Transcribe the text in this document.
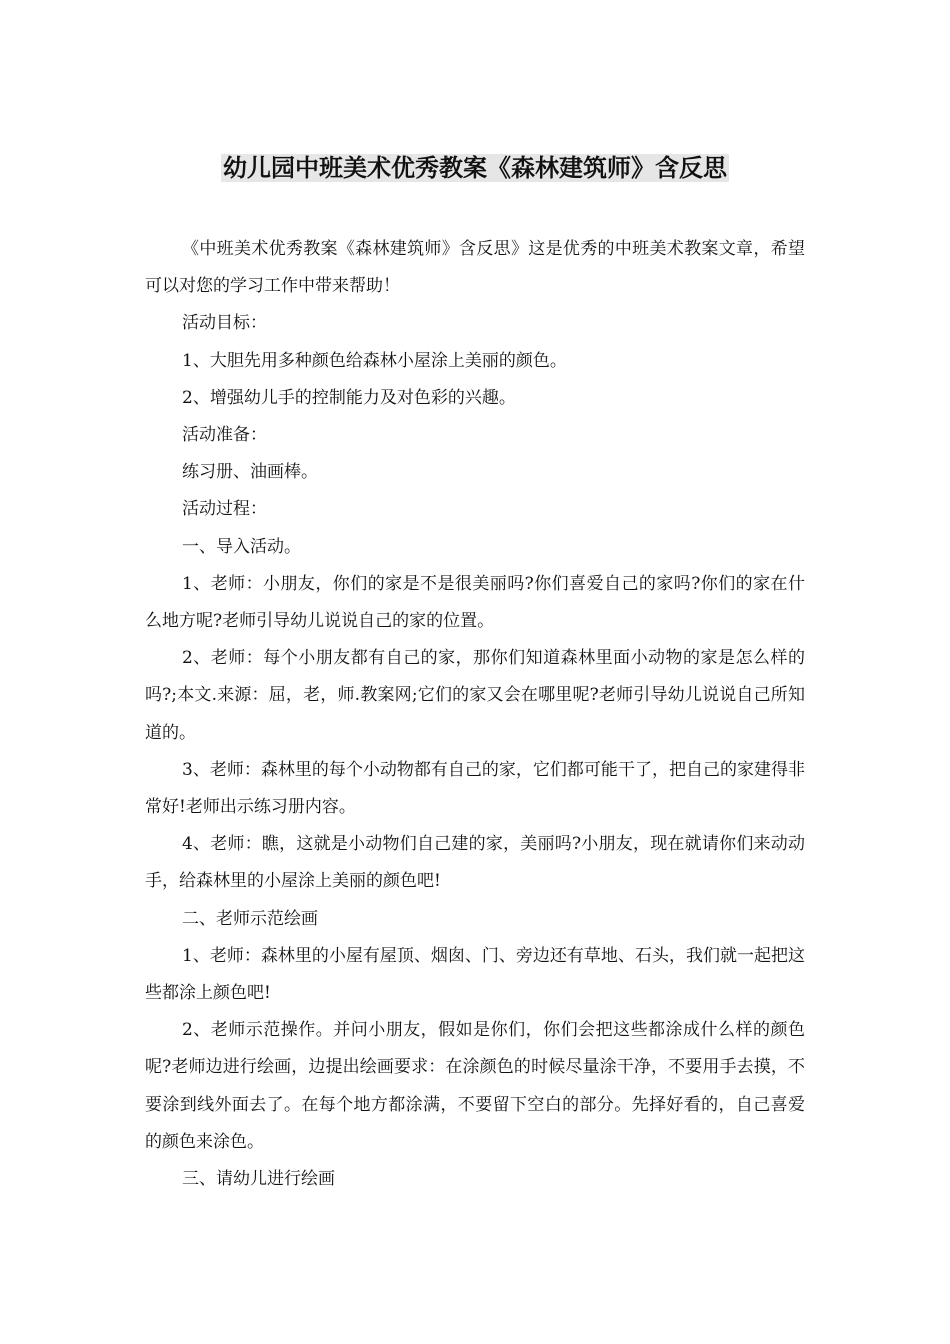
幼儿园中班美术优秀教案《森林建筑师》含反思

《中班美术优秀教案《森林建筑师》含反思》这是优秀的中班美术教案文章，希望可以对您的学习工作中带来帮助！

活动目标：

1、大胆先用多种颜色给森林小屋涂上美丽的颜色。

2、增强幼儿手的控制能力及对色彩的兴趣。

活动准备：

练习册、油画棒。

活动过程：

一、导入活动。

1、老师：小朋友，你们的家是不是很美丽吗?你们喜爱自己的家吗?你们的家在什么地方呢?老师引导幼儿说说自己的家的位置。

2、老师：每个小朋友都有自己的家，那你们知道森林里面小动物的家是怎么样的吗?;本文.来源：屈，老，师.教案网;它们的家又会在哪里呢?老师引导幼儿说说自己所知道的。

3、老师：森林里的每个小动物都有自己的家，它们都可能干了，把自己的家建得非常好!老师出示练习册内容。

4、老师：瞧，这就是小动物们自己建的家，美丽吗?小朋友，现在就请你们来动动手，给森林里的小屋涂上美丽的颜色吧!

二、老师示范绘画

1、老师：森林里的小屋有屋顶、烟囱、门、旁边还有草地、石头，我们就一起把这些都涂上颜色吧!

2、老师示范操作。并问小朋友，假如是你们，你们会把这些都涂成什么样的颜色呢?老师边进行绘画，边提出绘画要求：在涂颜色的时候尽量涂干净，不要用手去摸，不要涂到线外面去了。在每个地方都涂满，不要留下空白的部分。先择好看的，自己喜爱的颜色来涂色。

三、请幼儿进行绘画
